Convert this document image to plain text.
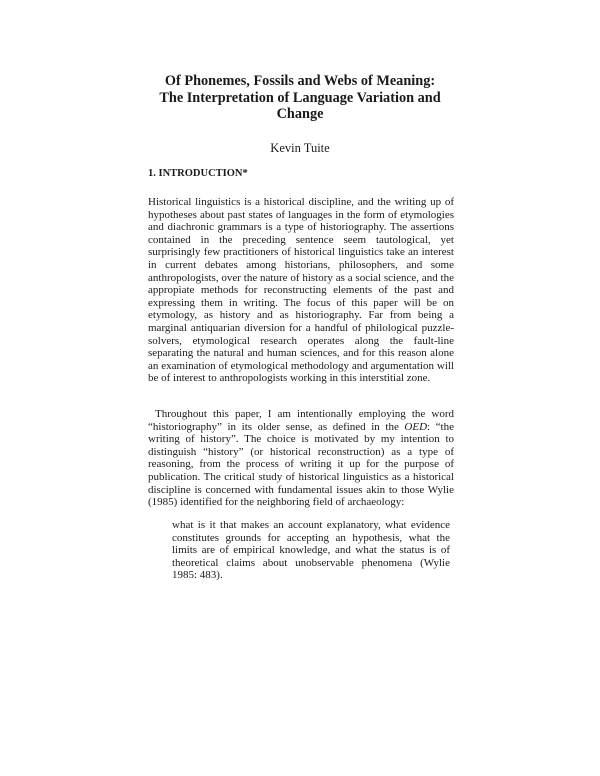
Of Phonemes, Fossils and Webs of Meaning:
The Interpretation of Language Variation and
Change

Kevin Tuite

1. INTRODUCTION*

Historical linguistics is a historical discipline, and the writing up of hypotheses about past states of languages in the form of etymologies and diachronic grammars is a type of historiography. The assertions contained in the preceding sentence seem tautological, yet surprisingly few practitioners of historical linguistics take an interest in current debates among historians, philosophers, and some anthropologists, over the nature of history as a social science, and the appropiate methods for reconstructing elements of the past and expressing them in writing. The focus of this paper will be on etymology, as history and as historiography. Far from being a marginal antiquarian diversion for a handful of philological puzzle-solvers, etymological research operates along the fault-line separating the natural and human sciences, and for this reason alone an examination of etymological methodology and argumentation will be of interest to anthropologists working in this interstitial zone.

Throughout this paper, I am intentionally employing the word “historiography” in its older sense, as defined in the OED: “the writing of history”. The choice is motivated by my intention to distinguish “history” (or historical reconstruction) as a type of reasoning, from the process of writing it up for the purpose of publication. The critical study of historical linguistics as a historical discipline is concerned with fundamental issues akin to those Wylie (1985) identified for the neighboring field of archaeology:

what is it that makes an account explanatory, what evidence constitutes grounds for accepting an hypothesis, what the limits are of empirical knowledge, and what the status is of theoretical claims about unobservable phenomena (Wylie 1985: 483).
